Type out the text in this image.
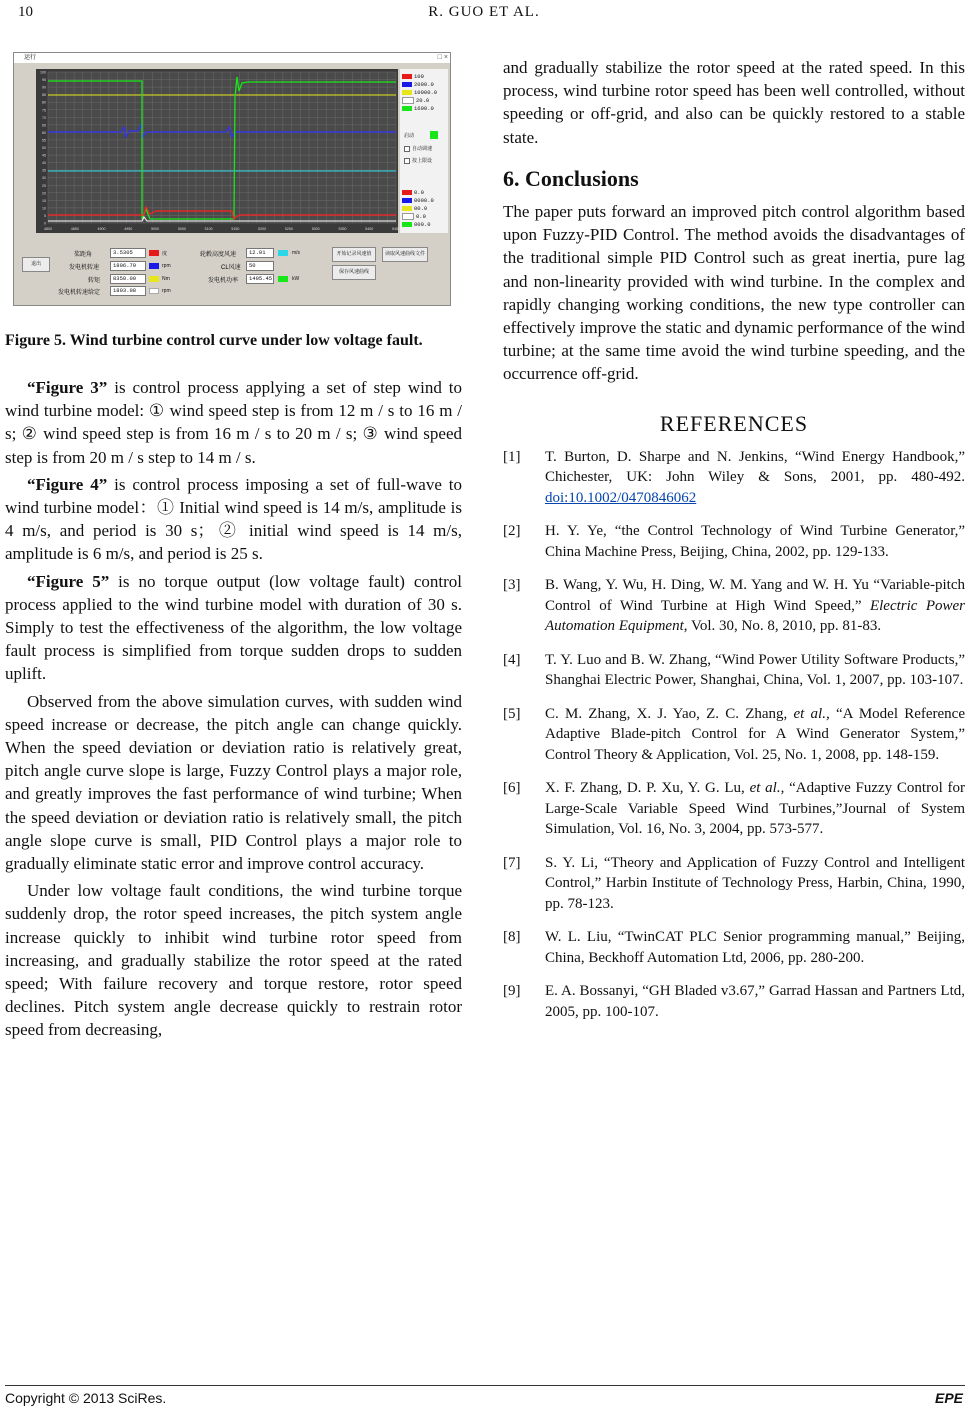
10	R. GUO ET AL.
运行	□ ×
100
95
90
85
80
75
70
65
60
55
50
45
40
35
30
25
20
15
10
5
0
4800	4850	4900	4950	5000	5050	5100	5150	5200	5250	5300	5350	5400	5450
100
2000.0
10000.0
20.0
1600.0
启动
自动调速
按上限设
0.0
0000.0
00.0
0.0
000.0
退出
桨距角	3.5305	度
发电机转速	1806.79	rpm
转矩	8350.00	Nm
发电机转速给定	1803.08	rpm
轮毂高度风速	12.01	m/s
CL风速	50
发电机功率	1495.45	kW
开始记录风速值	读取风速曲线文件
保存风速曲线

Figure 5. Wind turbine control curve under low voltage fault.

“Figure 3” is control process applying a set of step wind to wind turbine model: ① wind speed step is from 12 m / s to 16 m / s; ② wind speed step is from 16 m / s to 20 m / s; ③ wind speed step is from 20 m / s step to 14 m / s.

“Figure 4” is control process imposing a set of full-wave to wind turbine model：① Initial wind speed is 14 m/s, amplitude is 4 m/s, and period is 30 s；② initial wind speed is 14 m/s, amplitude is 6 m/s, and period is 25 s.

“Figure 5” is no torque output (low voltage fault) control process applied to the wind turbine model with duration of 30 s. Simply to test the effectiveness of the algorithm, the low voltage fault process is simplified from torque sudden drops to sudden uplift.

Observed from the above simulation curves, with sudden wind speed increase or decrease, the pitch angle can change quickly. When the speed deviation or deviation ratio is relatively great, pitch angle curve slope is large, Fuzzy Control plays a major role, and greatly improves the fast performance of wind turbine; When the speed deviation or deviation ratio is relatively small, the pitch angle slope curve is small, PID Control plays a major role to gradually eliminate static error and improve control accuracy.

Under low voltage fault conditions, the wind turbine torque suddenly drop, the rotor speed increases, the pitch system angle increase quickly to inhibit wind turbine rotor speed from increasing, and gradually stabilize the rotor speed at the rated speed; With failure recovery and torque restore, rotor speed declines. Pitch system angle decrease quickly to restrain rotor speed from decreasing,

and gradually stabilize the rotor speed at the rated speed. In this process, wind turbine rotor speed has been well controlled, without speeding or off-grid, and also can be quickly restored to a stable state.

6. Conclusions

The paper puts forward an improved pitch control algorithm based upon Fuzzy-PID Control. The method avoids the disadvantages of the traditional simple PID Control such as great inertia, pure lag and non-linearity provided with wind turbine. In the complex and rapidly changing working conditions, the new type controller can effectively improve the static and dynamic performance of the wind turbine; at the same time avoid the wind turbine speeding, and the occurrence off-grid.

REFERENCES
[1]	T. Burton, D. Sharpe and N. Jenkins, “Wind Energy Handbook,” Chichester, UK: John Wiley & Sons, 2001, pp. 480-492. doi:10.1002/0470846062
[2]	H. Y. Ye, “the Control Technology of Wind Turbine Generator,” China Machine Press, Beijing, China, 2002, pp. 129-133.
[3]	B. Wang, Y. Wu, H. Ding, W. M. Yang and W. H. Yu “Variable-pitch Control of Wind Turbine at High Wind Speed,” Electric Power Automation Equipment, Vol. 30, No. 8, 2010, pp. 81-83.
[4]	T. Y. Luo and B. W. Zhang, “Wind Power Utility Software Products,” Shanghai Electric Power, Shanghai, China, Vol. 1, 2007, pp. 103-107.
[5]	C. M. Zhang, X. J. Yao, Z. C. Zhang, et al., “A Model Reference Adaptive Blade-pitch Control for A Wind Generator System,” Control Theory & Application, Vol. 25, No. 1, 2008, pp. 148-159.
[6]	X. F. Zhang, D. P. Xu, Y. G. Lu, et al., “Adaptive Fuzzy Control for Large-Scale Variable Speed Wind Turbines,”Journal of System Simulation, Vol. 16, No. 3, 2004, pp. 573-577.
[7]	S. Y. Li, “Theory and Application of Fuzzy Control and Intelligent Control,” Harbin Institute of Technology Press, Harbin, China, 1990, pp. 78-123.
[8]	W. L. Liu, “TwinCAT PLC Senior programming manual,” Beijing, China, Beckhoff Automation Ltd, 2006, pp. 280-200.
[9]	E. A. Bossanyi, “GH Bladed v3.67,” Garrad Hassan and Partners Ltd, 2005, pp. 100-107.
Copyright © 2013 SciRes.	EPE
